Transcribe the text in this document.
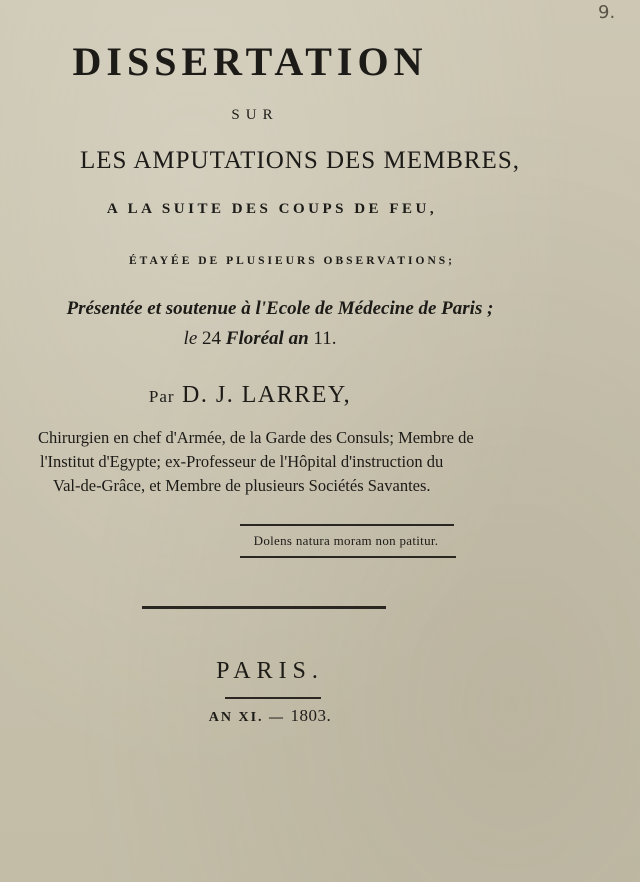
9.
DISSERTATION
SUR
LES AMPUTATIONS DES MEMBRES,
A LA SUITE DES COUPS DE FEU,
ÉTAYÉE DE PLUSIEURS OBSERVATIONS;
Présentée et soutenue à l'Ecole de Médecine de Paris ;
le 24 Floréal an 11.
Par D. J. LARREY,
Chirurgien en chef d'Armée, de la Garde des Consuls; Membre de
l'Institut d'Egypte; ex-Professeur de l'Hôpital d'instruction du
Val-de-Grâce, et Membre de plusieurs Sociétés Savantes.
Dolens natura moram non patitur.
PARIS.
AN XI. — 1803.
